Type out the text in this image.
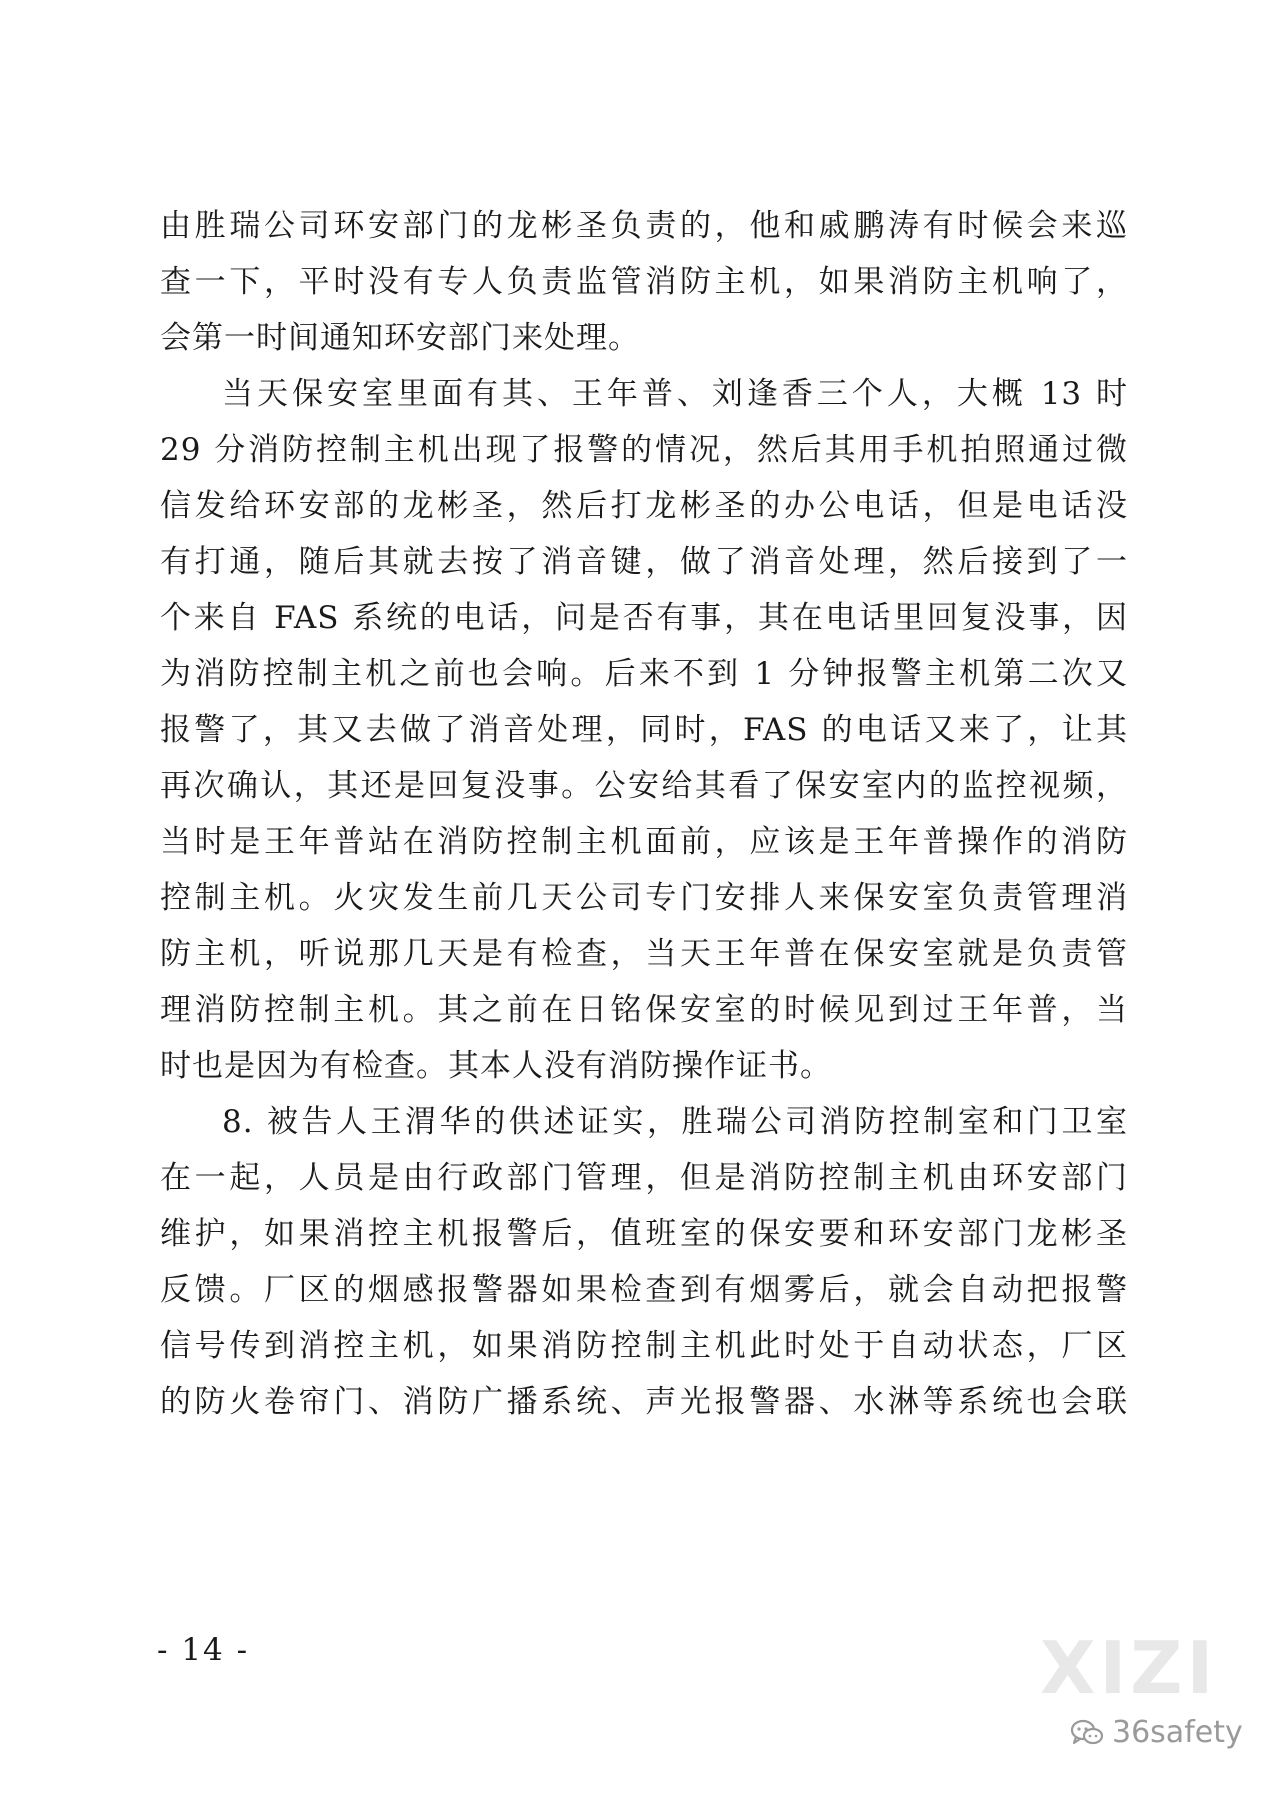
由胜瑞公司环安部门的龙彬圣负责的，他和戚鹏涛有时候会来巡
查一下，平时没有专人负责监管消防主机，如果消防主机响了，
会第一时间通知环安部门来处理。
当天保安室里面有其、王年普、刘逢香三个人，大概 13 时
29 分消防控制主机出现了报警的情况，然后其用手机拍照通过微
信发给环安部的龙彬圣，然后打龙彬圣的办公电话，但是电话没
有打通，随后其就去按了消音键，做了消音处理，然后接到了一
个来自 FAS 系统的电话，问是否有事，其在电话里回复没事，因
为消防控制主机之前也会响。后来不到 1 分钟报警主机第二次又
报警了，其又去做了消音处理，同时，FAS 的电话又来了，让其
再次确认，其还是回复没事。公安给其看了保安室内的监控视频，
当时是王年普站在消防控制主机面前，应该是王年普操作的消防
控制主机。火灾发生前几天公司专门安排人来保安室负责管理消
防主机，听说那几天是有检查，当天王年普在保安室就是负责管
理消防控制主机。其之前在日铭保安室的时候见到过王年普，当
时也是因为有检查。其本人没有消防操作证书。
8. 被告人王渭华的供述证实，胜瑞公司消防控制室和门卫室
在一起，人员是由行政部门管理，但是消防控制主机由环安部门
维护，如果消控主机报警后，值班室的保安要和环安部门龙彬圣
反馈。厂区的烟感报警器如果检查到有烟雾后，就会自动把报警
信号传到消控主机，如果消防控制主机此时处于自动状态，厂区
的防火卷帘门、消防广播系统、声光报警器、水淋等系统也会联
- 14 -	XIZI
36safety
